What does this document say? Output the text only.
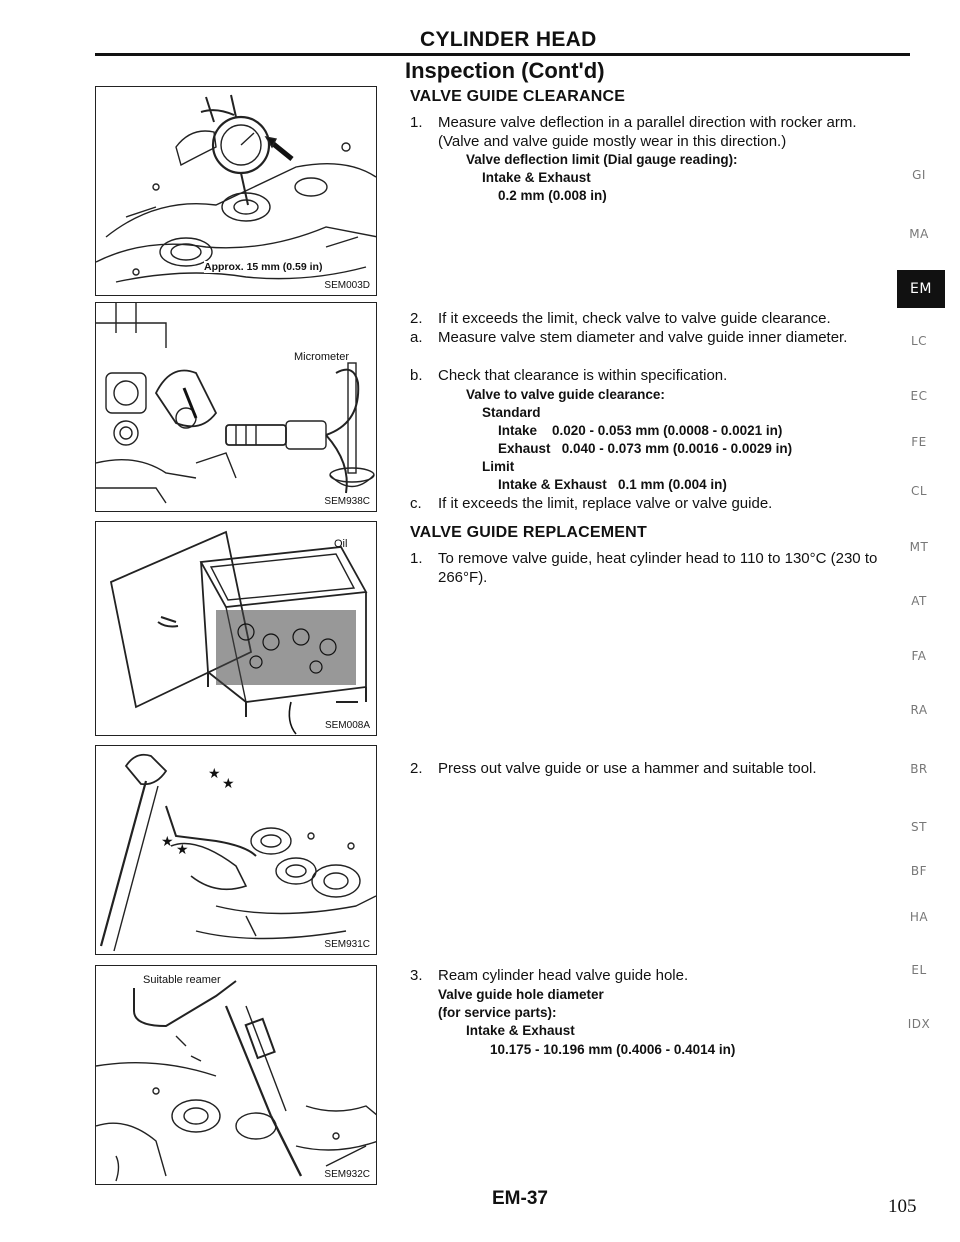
CYLINDER HEAD
Inspection (Cont'd)
Approx. 15 mm (0.59 in)
SEM003D
Micrometer
SEM938C
Oil
SEM008A
★
★
★ ★
SEM931C
Suitable reamer
SEM932C
VALVE GUIDE CLEARANCE
1.	Measure valve deflection in a parallel direction with rocker arm. (Valve and valve guide mostly wear in this direction.)
Valve deflection limit (Dial gauge reading):
Intake & Exhaust
0.2 mm (0.008 in)
2.	If it exceeds the limit, check valve to valve guide clearance.
a.	Measure valve stem diameter and valve guide inner diameter.
b.	Check that clearance is within specification.
Valve to valve guide clearance:
Standard
Intake    0.020 - 0.053 mm (0.0008 - 0.0021 in)
Exhaust   0.040 - 0.073 mm (0.0016 - 0.0029 in)
Limit
Intake & Exhaust   0.1 mm (0.004 in)
c.	If it exceeds the limit, replace valve or valve guide.
VALVE GUIDE REPLACEMENT
1.	To remove valve guide, heat cylinder head to 110 to 130°C (230 to 266°F).
2.	Press out valve guide or use a hammer and suitable tool.
3.	Ream cylinder head valve guide hole.
Valve guide hole diameter
(for service parts):
Intake & Exhaust
10.175 - 10.196 mm (0.4006 - 0.4014 in)
GI
MA
EM
LC
EC
FE
CL
MT
AT
FA
RA
BR
ST
BF
HA
EL
IDX
EM-37	105
